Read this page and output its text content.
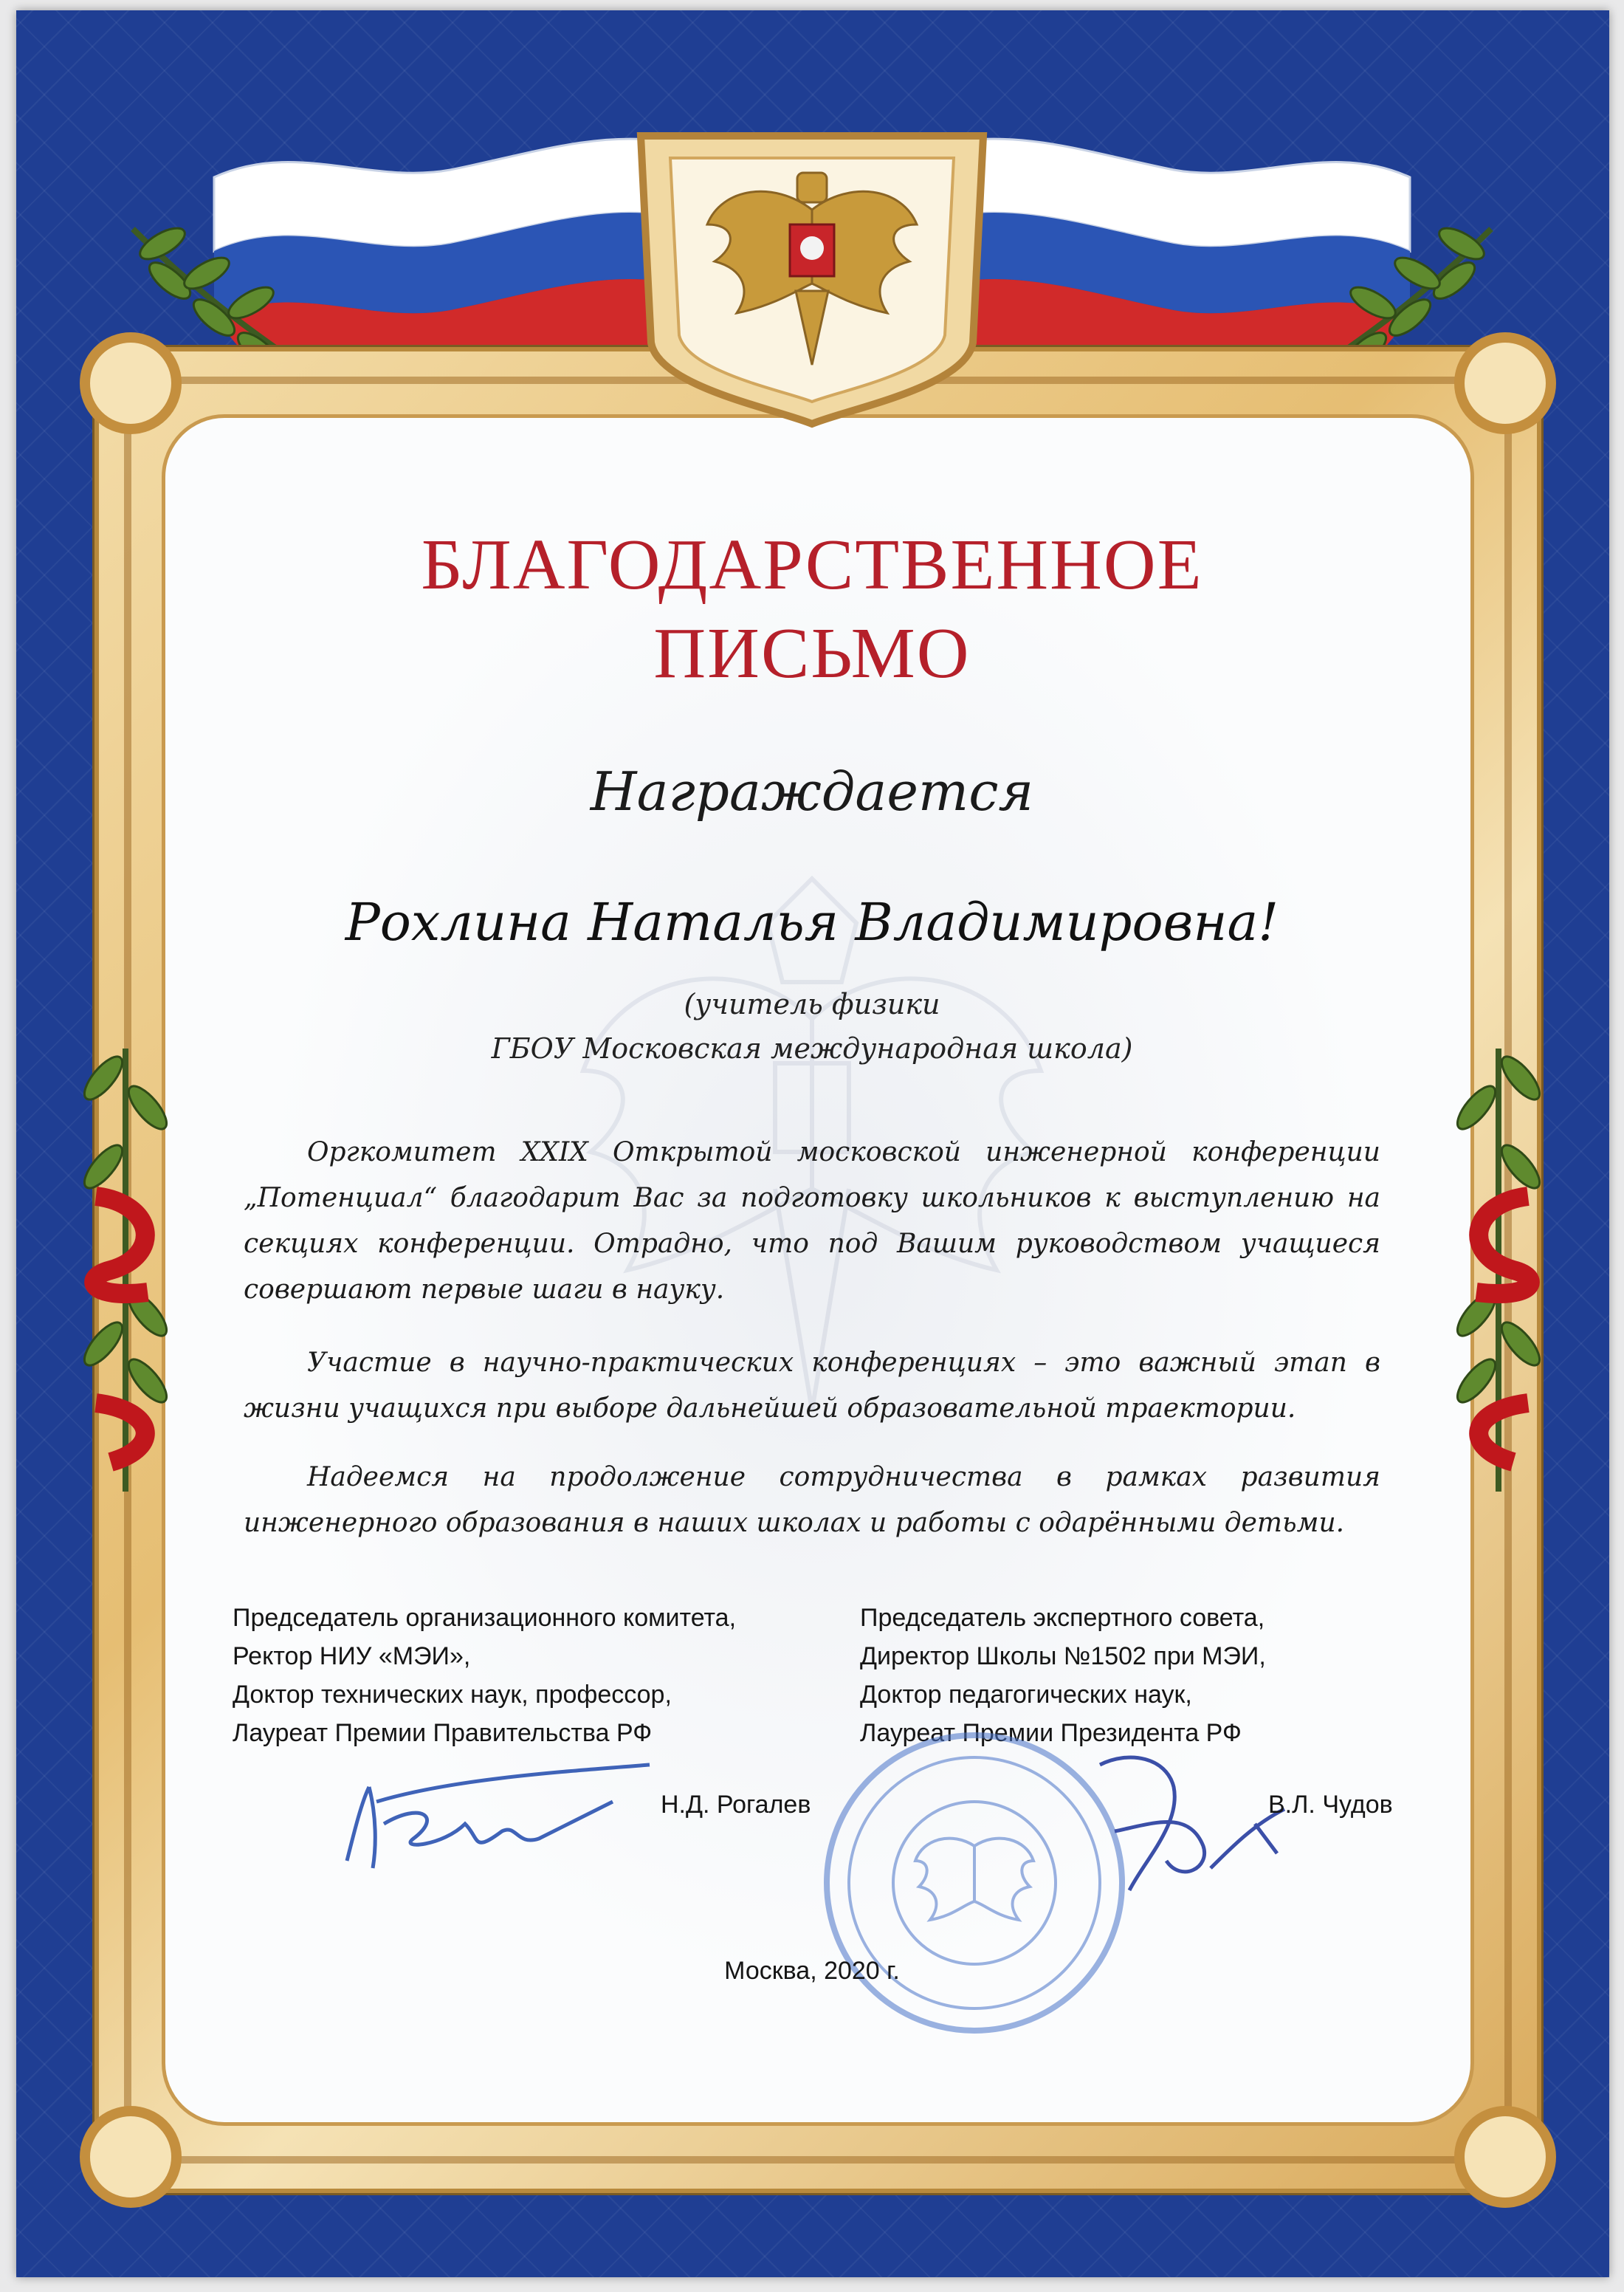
БЛАГОДАРСТВЕННОЕ
ПИСЬМО
Награждается
Рохлина Наталья Владимировна!
(учитель физики
ГБОУ Московская международная школа)

Оргкомитет XXIX Открытой московской инженерной конференции „Потенциал“ благодарит Вас за подготовку школьников к выступлению на секциях конференции. Отрадно, что под Вашим руководством учащиеся совершают первые шаги в науку.

Участие в научно-практических конференциях – это важный этап в жизни учащихся при выборе дальнейшей образовательной траектории.

Надеемся на продолжение сотрудничества в рамках развития инженерного образования в наших школах и работы с одарёнными детьми.

Председатель организационного комитета,
Ректор НИУ «МЭИ»,
Доктор технических наук, профессор,
Лауреат Премии Правительства РФ
Председатель экспертного совета,
Директор Школы №1502 при МЭИ,
Доктор педагогических наук,
Лауреат Премии Президента РФ
Н.Д. Рогалев	В.Л. Чудов
Москва, 2020 г.
